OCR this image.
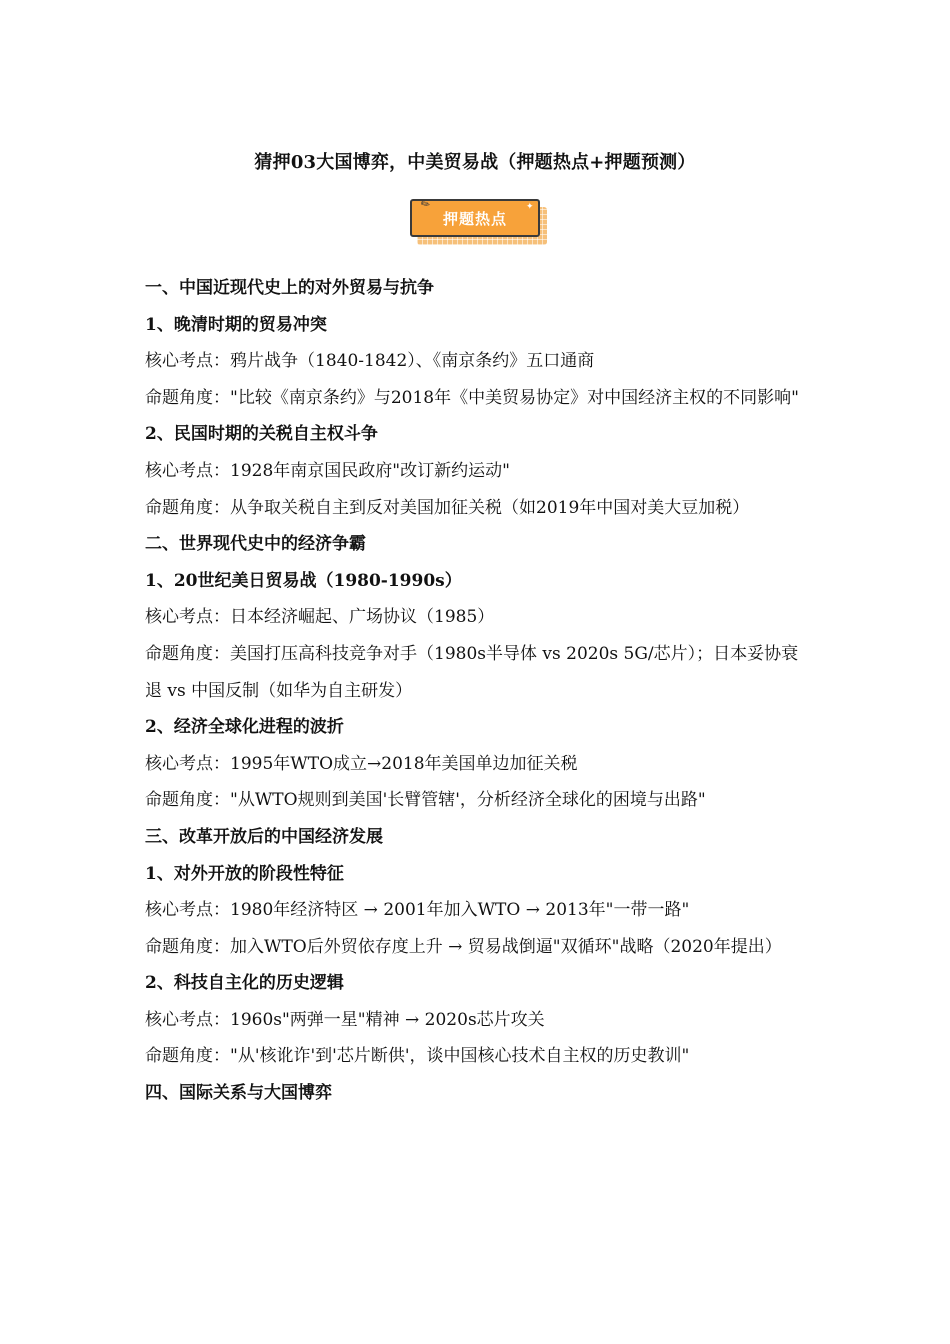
猜押03大国博弈，中美贸易战（押题热点+押题预测）
押题热点
✎	✦

一、中国近现代史上的对外贸易与抗争

1、晚清时期的贸易冲突

核心考点：鸦片战争（1840-1842）、《南京条约》五口通商

命题角度："比较《南京条约》与2018年《中美贸易协定》对中国经济主权的不同影响"

2、民国时期的关税自主权斗争

核心考点：1928年南京国民政府"改订新约运动"

命题角度：从争取关税自主到反对美国加征关税（如2019年中国对美大豆加税）

二、世界现代史中的经济争霸

1、20世纪美日贸易战（1980-1990s）

核心考点：日本经济崛起、广场协议（1985）

命题角度：美国打压高科技竞争对手（1980s半导体 vs 2020s 5G/芯片）；日本妥协衰退 vs 中国反制（如华为自主研发）

2、经济全球化进程的波折

核心考点：1995年WTO成立→2018年美国单边加征关税

命题角度："从WTO规则到美国'长臂管辖'，分析经济全球化的困境与出路"

三、改革开放后的中国经济发展

1、对外开放的阶段性特征

核心考点：1980年经济特区 → 2001年加入WTO → 2013年"一带一路"

命题角度：加入WTO后外贸依存度上升 → 贸易战倒逼"双循环"战略（2020年提出）

2、科技自主化的历史逻辑

核心考点：1960s"两弹一星"精神 → 2020s芯片攻关

命题角度："从'核讹诈'到'芯片断供'，谈中国核心技术自主权的历史教训"

四、国际关系与大国博弈
